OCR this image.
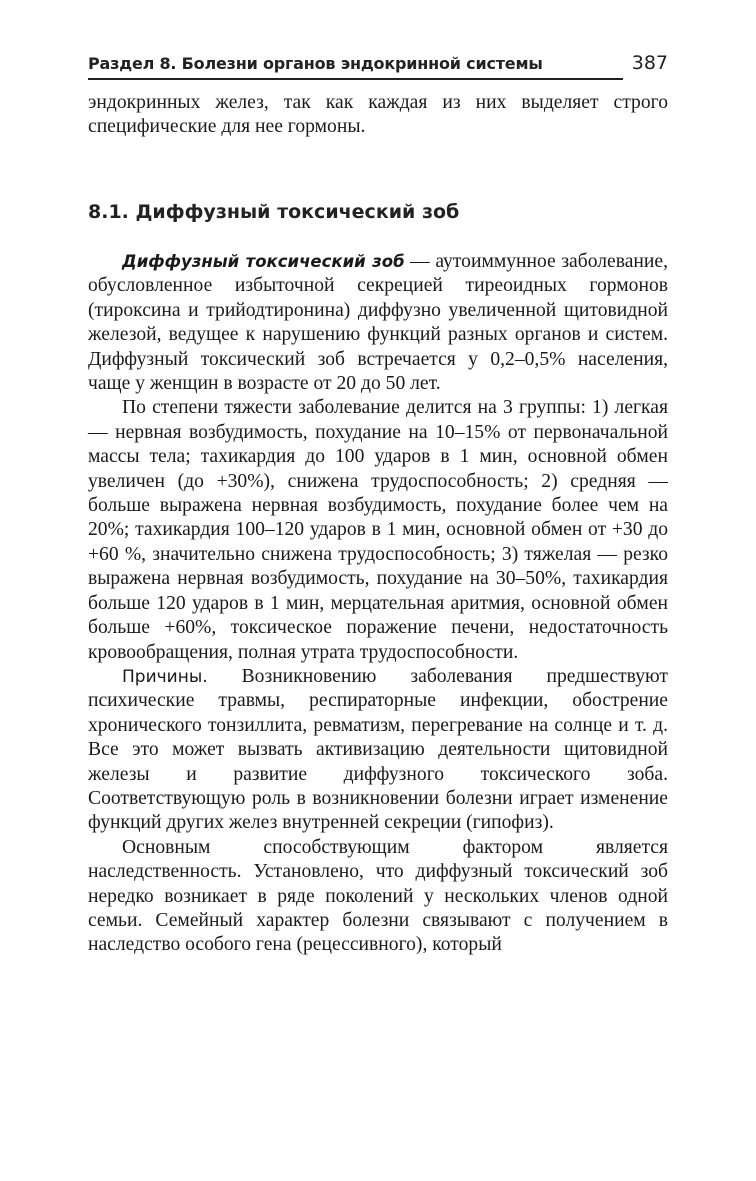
Раздел 8. Болезни органов эндокринной системы	387

эндокринных желез, так как каждая из них выделяет строго специфические для нее гормоны.

8.1. Диффузный токсический зоб

Диффузный токсический зоб — аутоиммунное заболевание, обусловленное избыточной секрецией тиреоидных гормонов (тироксина и трийодтиронина) диффузно увеличенной щитовидной железой, ведущее к нарушению функций разных органов и систем. Диффузный токсический зоб встречается у 0,2–0,5% населения, чаще у женщин в возрасте от 20 до 50 лет.

По степени тяжести заболевание делится на 3 группы: 1) легкая — нервная возбудимость, похудание на 10–15% от первоначальной массы тела; тахикардия до 100 ударов в 1 мин, основной обмен увеличен (до +30%), снижена трудоспособность; 2) средняя — больше выражена нервная возбудимость, похудание более чем на 20%; тахикардия 100–120 ударов в 1 мин, основной обмен от +30 до +60 %, значительно снижена трудоспособность; 3) тяжелая — резко выражена нервная возбудимость, похудание на 30–50%, тахикардия больше 120 ударов в 1 мин, мерцательная аритмия, основной обмен больше +60%, токсическое поражение печени, недостаточность кровообращения, полная утрата трудоспособности.

Причины. Возникновению заболевания предшествуют психические травмы, респираторные инфекции, обострение хронического тонзиллита, ревматизм, перегревание на солнце и т. д. Все это может вызвать активизацию деятельности щитовидной железы и развитие диффузного токсического зоба. Соответствующую роль в возникновении болезни играет изменение функций других желез внутренней секреции (гипофиз).

Основным способствующим фактором является наследственность. Установлено, что диффузный токсический зоб нередко возникает в ряде поколений у нескольких членов одной семьи. Семейный характер болезни связывают с получением в наследство особого гена (рецессивного), который
